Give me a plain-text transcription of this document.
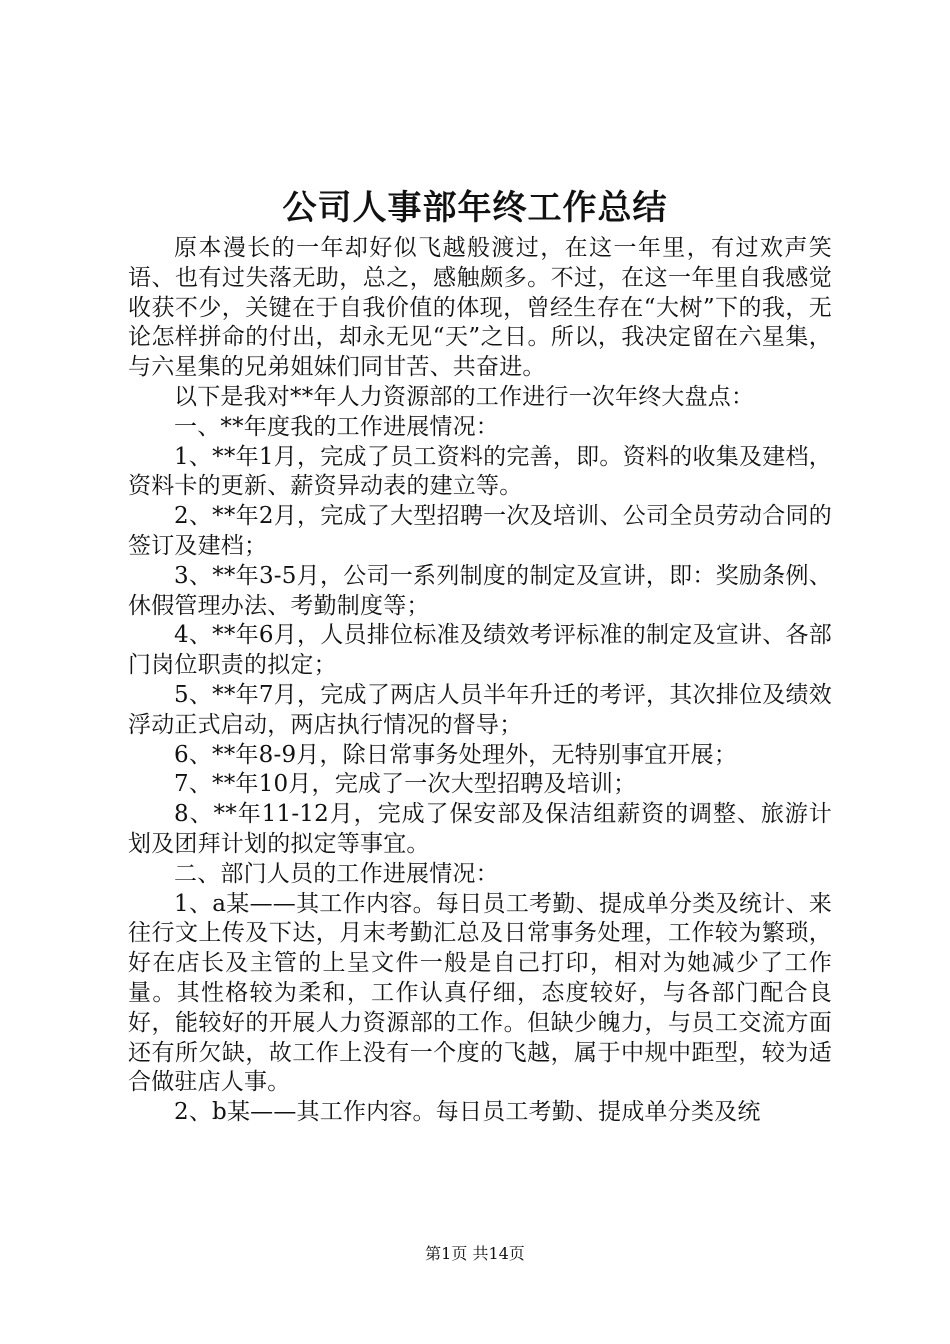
公司人事部年终工作总结

原本漫长的一年却好似飞越般渡过，在这一年里，有过欢声笑语、也有过失落无助，总之，感触颇多。不过，在这一年里自我感觉收获不少，关键在于自我价值的体现，曾经生存在“大树”下的我，无论怎样拼命的付出，却永无见“天”之日。所以，我决定留在六星集，与六星集的兄弟姐妹们同甘苦、共奋进。

以下是我对**年人力资源部的工作进行一次年终大盘点：

一、**年度我的工作进展情况：

1、**年1月，完成了员工资料的完善，即。资料的收集及建档，资料卡的更新、薪资异动表的建立等。

2、**年2月，完成了大型招聘一次及培训、公司全员劳动合同的签订及建档；

3、**年3-5月，公司一系列制度的制定及宣讲，即：奖励条例、休假管理办法、考勤制度等；

4、**年6月，人员排位标准及绩效考评标准的制定及宣讲、各部门岗位职责的拟定；

5、**年7月，完成了两店人员半年升迁的考评，其次排位及绩效浮动正式启动，两店执行情况的督导；

6、**年8-9月，除日常事务处理外，无特别事宜开展；

7、**年10月，完成了一次大型招聘及培训；

8、**年11-12月，完成了保安部及保洁组薪资的调整、旅游计划及团拜计划的拟定等事宜。

二、部门人员的工作进展情况：

1、a某——其工作内容。每日员工考勤、提成单分类及统计、来往行文上传及下达，月末考勤汇总及日常事务处理，工作较为繁琐，好在店长及主管的上呈文件一般是自己打印，相对为她减少了工作量。其性格较为柔和，工作认真仔细，态度较好，与各部门配合良好，能较好的开展人力资源部的工作。但缺少魄力，与员工交流方面还有所欠缺，故工作上没有一个度的飞越，属于中规中距型，较为适合做驻店人事。

2、b某——其工作内容。每日员工考勤、提成单分类及统

第1页 共14页
